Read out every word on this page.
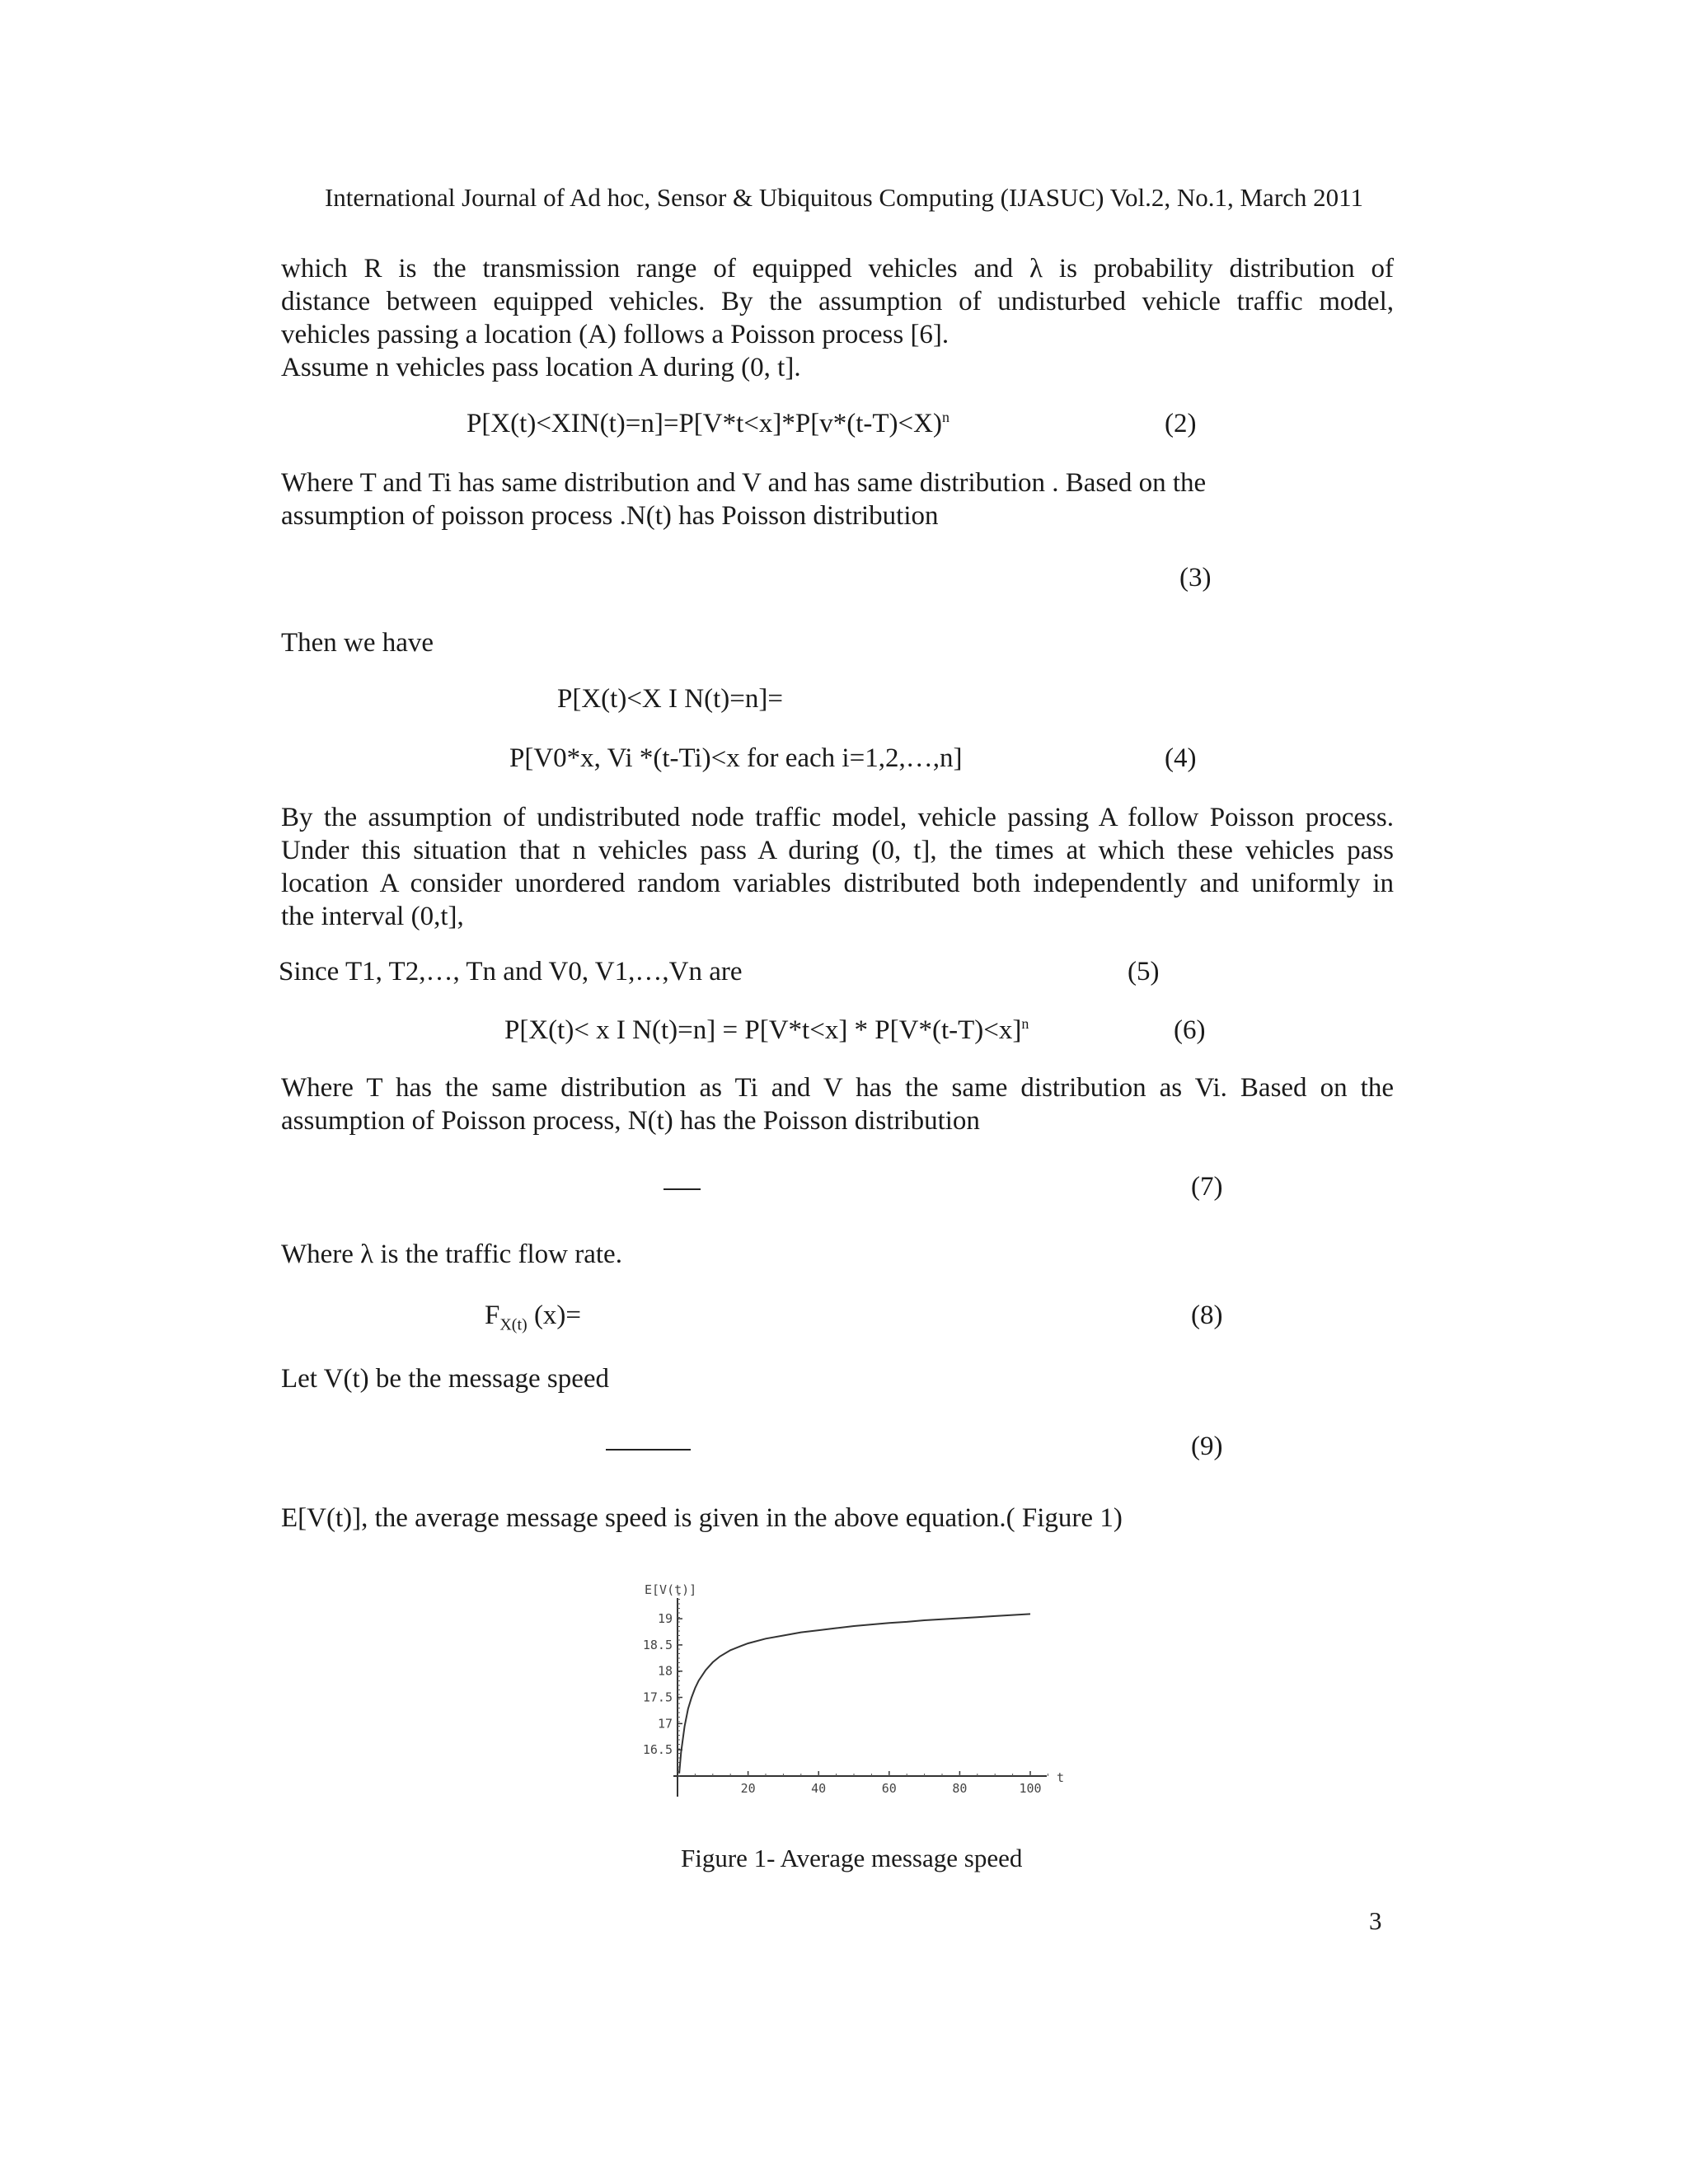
International Journal of Ad hoc, Sensor & Ubiquitous Computing (IJASUC) Vol.2, No.1, March 2011
which R is the transmission range of equipped vehicles and λ is probability distribution of
distance between equipped vehicles. By the assumption of undisturbed vehicle traffic model,
vehicles passing a location (A) follows a Poisson process [6].
Assume n vehicles pass location A during (0, t].
P[X(t)<XIN(t)=n]=P[V*t<x]*P[v*(t-T)<X)$^n$	(2)
Where T and Ti has same distribution and V and has same distribution . Based on the
assumption of poisson process .N(t) has Poisson distribution
(3)
Then we have
P[X(t)<X I N(t)=n]=
P[V0*x, Vi *(t-Ti)<x for each i=1,2,…,n]	(4)
By the assumption of undistributed node traffic model, vehicle passing A follow Poisson process.
Under this situation that n vehicles pass A during (0, t], the times at which these vehicles pass
location A consider unordered random variables distributed both independently and uniformly in
the interval (0,t],
Since T1, T2,…, Tn and V0, V1,…,Vn are	(5)
P[X(t)< x I N(t)=n] = P[V*t<x] * P[V*(t-T)<x]$^n$	(6)
Where T has the same distribution as Ti and V has the same distribution as Vi. Based on the
assumption of Poisson process, N(t) has the Poisson distribution
(7)
Where λ is the traffic flow rate.
$F_{X(t)}$ (x)=	(8)
Let V(t) be the message speed
(9)
E[V(t)], the average message speed is given in the above equation.( Figure 1)
E[V(t)]
t
16.5
17
17.5
18
18.5
19
20	40	60	80	100
Figure 1- Average message speed
3
